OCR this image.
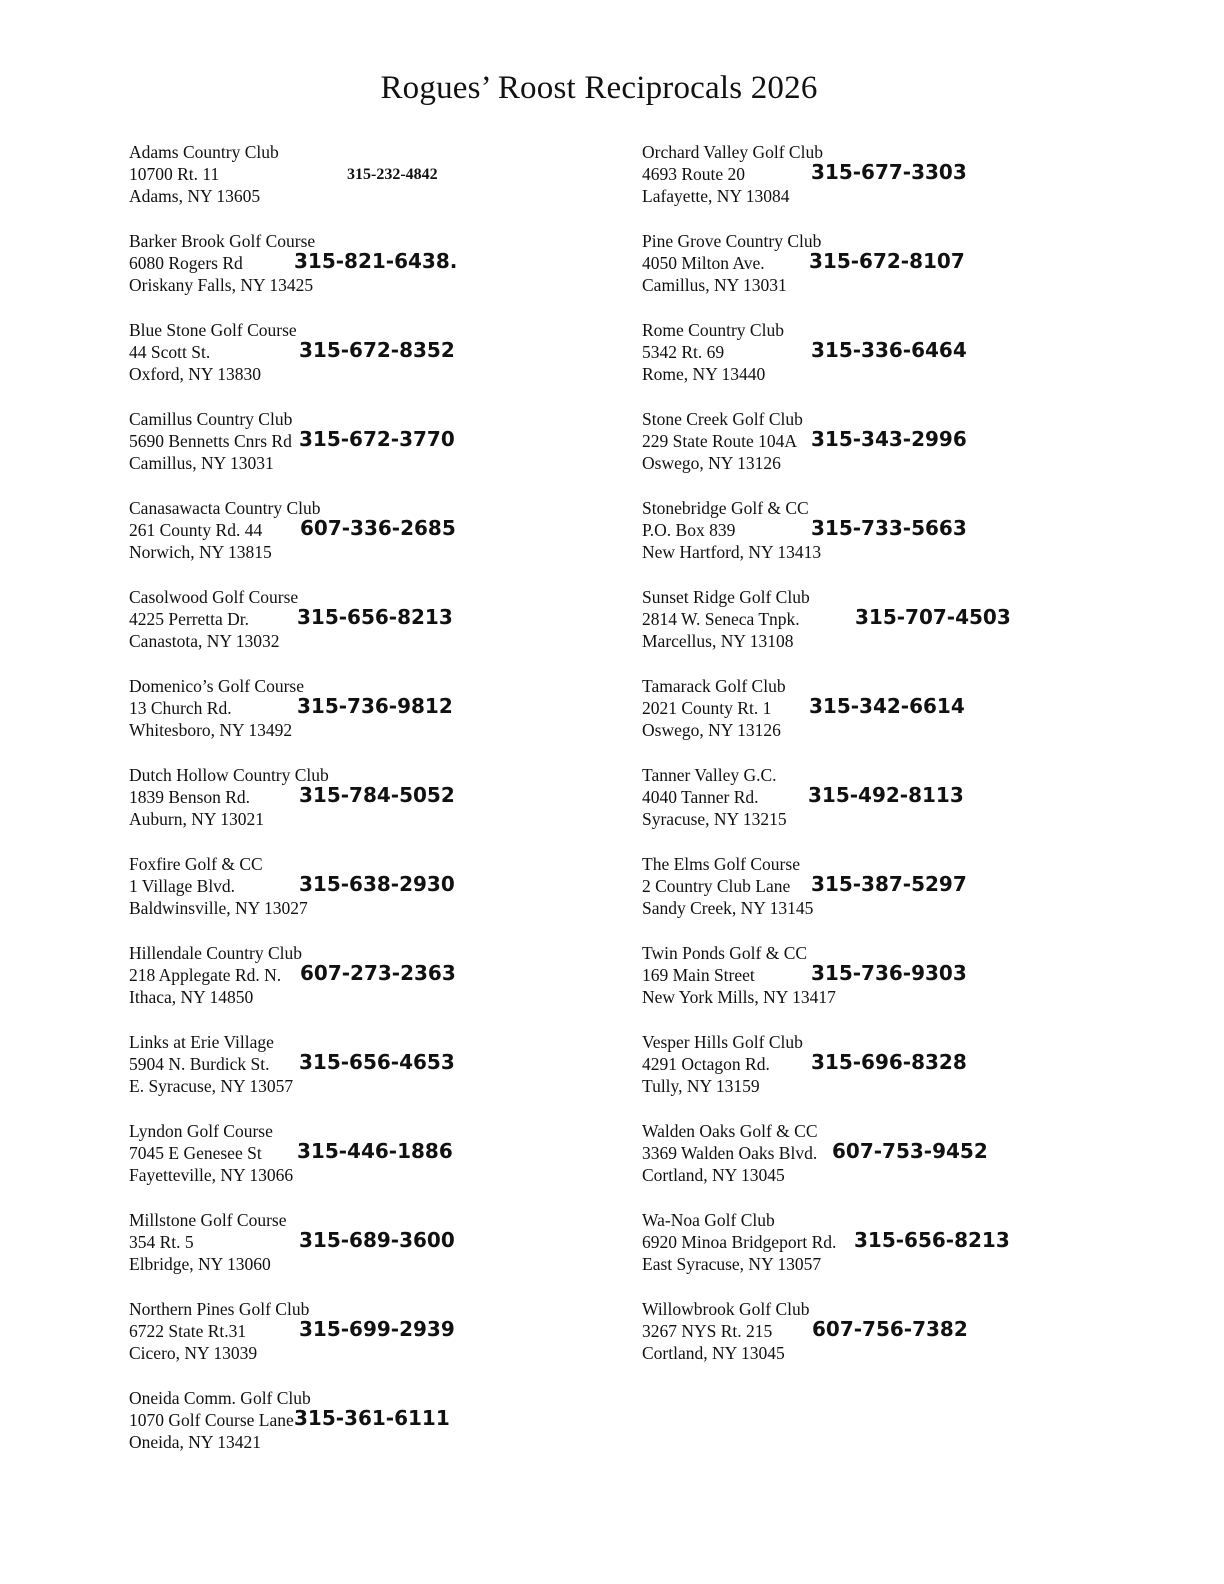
Rogues’ Roost Reciprocals 2026
Adams Country Club
10700 Rt. 11
Adams, NY 13605
315-232-4842
Barker Brook Golf Course
6080 Rogers Rd
Oriskany Falls, NY 13425
315-821-6438.
Blue Stone Golf Course
44 Scott St.
Oxford, NY 13830
315-672-8352
Camillus Country Club
5690 Bennetts Cnrs Rd
Camillus, NY 13031
315-672-3770
Canasawacta Country Club
261 County Rd. 44
Norwich, NY 13815
607-336-2685
Casolwood Golf Course
4225 Perretta Dr.
Canastota, NY 13032
315-656-8213
Domenico’s Golf Course
13 Church Rd.
Whitesboro, NY 13492
315-736-9812
Dutch Hollow Country Club
1839 Benson Rd.
Auburn, NY 13021
315-784-5052
Foxfire Golf & CC
1 Village Blvd.
Baldwinsville, NY 13027
315-638-2930
Hillendale Country Club
218 Applegate Rd. N.
Ithaca, NY 14850
607-273-2363
Links at Erie Village
5904 N. Burdick St.
E. Syracuse, NY 13057
315-656-4653
Lyndon Golf Course
7045 E Genesee St
Fayetteville, NY 13066
315-446-1886
Millstone Golf Course
354 Rt. 5
Elbridge, NY 13060
315-689-3600
Northern Pines Golf Club
6722 State Rt.31
Cicero, NY 13039
315-699-2939
Oneida Comm. Golf Club
1070 Golf Course Lane
Oneida, NY 13421
315-361-6111
Orchard Valley Golf Club
4693 Route 20
Lafayette, NY 13084
315-677-3303
Pine Grove Country Club
4050 Milton Ave.
Camillus, NY 13031
315-672-8107
Rome Country Club
5342 Rt. 69
Rome, NY 13440
315-336-6464
Stone Creek Golf Club
229 State Route 104A
Oswego, NY 13126
315-343-2996
Stonebridge Golf & CC
P.O. Box 839
New Hartford, NY 13413
315-733-5663
Sunset Ridge Golf Club
2814 W. Seneca Tnpk.
Marcellus, NY 13108
315-707-4503
Tamarack Golf Club
2021 County Rt. 1
Oswego, NY 13126
315-342-6614
Tanner Valley G.C.
4040 Tanner Rd.
Syracuse, NY 13215
315-492-8113
The Elms Golf Course
2 Country Club Lane
Sandy Creek, NY 13145
315-387-5297
Twin Ponds Golf & CC
169 Main Street
New York Mills, NY 13417
315-736-9303
Vesper Hills Golf Club
4291 Octagon Rd.
Tully, NY 13159
315-696-8328
Walden Oaks Golf & CC
3369 Walden Oaks Blvd.
Cortland, NY 13045
607-753-9452
Wa-Noa Golf Club
6920 Minoa Bridgeport Rd.
East Syracuse, NY 13057
315-656-8213
Willowbrook Golf Club
3267 NYS Rt. 215
Cortland, NY 13045
607-756-7382
